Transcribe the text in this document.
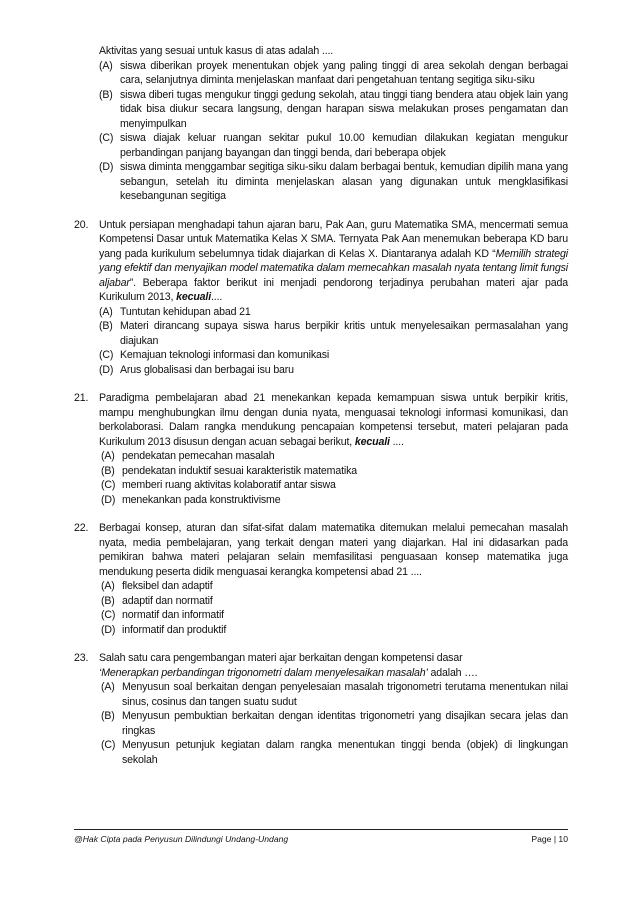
Aktivitas yang sesuai untuk kasus di atas adalah ....
(A) siswa diberikan proyek menentukan objek yang paling tinggi di area sekolah dengan berbagai cara, selanjutnya diminta menjelaskan manfaat dari pengetahuan tentang segitiga siku-siku
(B) siswa diberi tugas mengukur tinggi gedung sekolah, atau tinggi tiang bendera atau objek lain yang tidak bisa diukur secara langsung, dengan harapan siswa melakukan proses pengamatan dan menyimpulkan
(C) siswa diajak keluar ruangan sekitar pukul 10.00 kemudian dilakukan kegiatan mengukur perbandingan panjang bayangan dan tinggi benda, dari beberapa objek
(D) siswa diminta menggambar segitiga siku-siku dalam berbagai bentuk, kemudian dipilih mana yang sebangun, setelah itu diminta menjelaskan alasan yang digunakan untuk mengklasifikasi kesebangunan segitiga
20.	Untuk persiapan menghadapi tahun ajaran baru, Pak Aan, guru Matematika SMA, mencermati semua Kompetensi Dasar untuk Matematika Kelas X SMA. Ternyata Pak Aan menemukan beberapa KD baru yang pada kurikulum sebelumnya tidak diajarkan di Kelas X. Diantaranya adalah KD “Memilih strategi yang efektif dan menyajikan model matematika dalam memecahkan masalah nyata tentang limit fungsi aljabar”. Beberapa faktor berikut ini menjadi pendorong terjadinya perubahan materi ajar pada Kurikulum 2013, kecuali....
(A) Tuntutan kehidupan abad 21
(B) Materi dirancang supaya siswa harus berpikir kritis untuk menyelesaikan permasalahan yang diajukan
(C) Kemajuan teknologi informasi dan komunikasi
(D) Arus globalisasi dan berbagai isu baru
21.	Paradigma pembelajaran abad 21 menekankan kepada kemampuan siswa untuk berpikir kritis, mampu menghubungkan ilmu dengan dunia nyata, menguasai teknologi informasi komunikasi, dan berkolaborasi. Dalam rangka mendukung pencapaian kompetensi tersebut, materi pelajaran pada Kurikulum 2013 disusun dengan acuan sebagai berikut, kecuali ....
(A) pendekatan pemecahan masalah
(B) pendekatan induktif sesuai karakteristik matematika
(C) memberi ruang aktivitas kolaboratif antar siswa
(D) menekankan pada konstruktivisme
22.	Berbagai konsep, aturan dan sifat-sifat dalam matematika ditemukan melalui pemecahan masalah nyata, media pembelajaran, yang terkait dengan materi yang diajarkan. Hal ini didasarkan pada pemikiran bahwa materi pelajaran selain memfasilitasi penguasaan konsep matematika juga mendukung peserta didik menguasai kerangka kompetensi abad 21 ....
(A) fleksibel dan adaptif
(B) adaptif dan normatif
(C) normatif dan informatif
(D) informatif dan produktif
23.	Salah satu cara pengembangan materi ajar berkaitan dengan kompetensi dasar
‘Menerapkan perbandingan trigonometri dalam menyelesaikan masalah’ adalah ….
(A) Menyusun soal berkaitan dengan penyelesaian masalah trigonometri terutama menentukan nilai sinus, cosinus dan tangen suatu sudut
(B) Menyusun pembuktian berkaitan dengan identitas trigonometri yang disajikan secara jelas dan ringkas
(C) Menyusun petunjuk kegiatan dalam rangka menentukan tinggi benda (objek) di lingkungan sekolah
@Hak Cipta pada Penyusun Dilindungi Undang-Undang	Page | 10
